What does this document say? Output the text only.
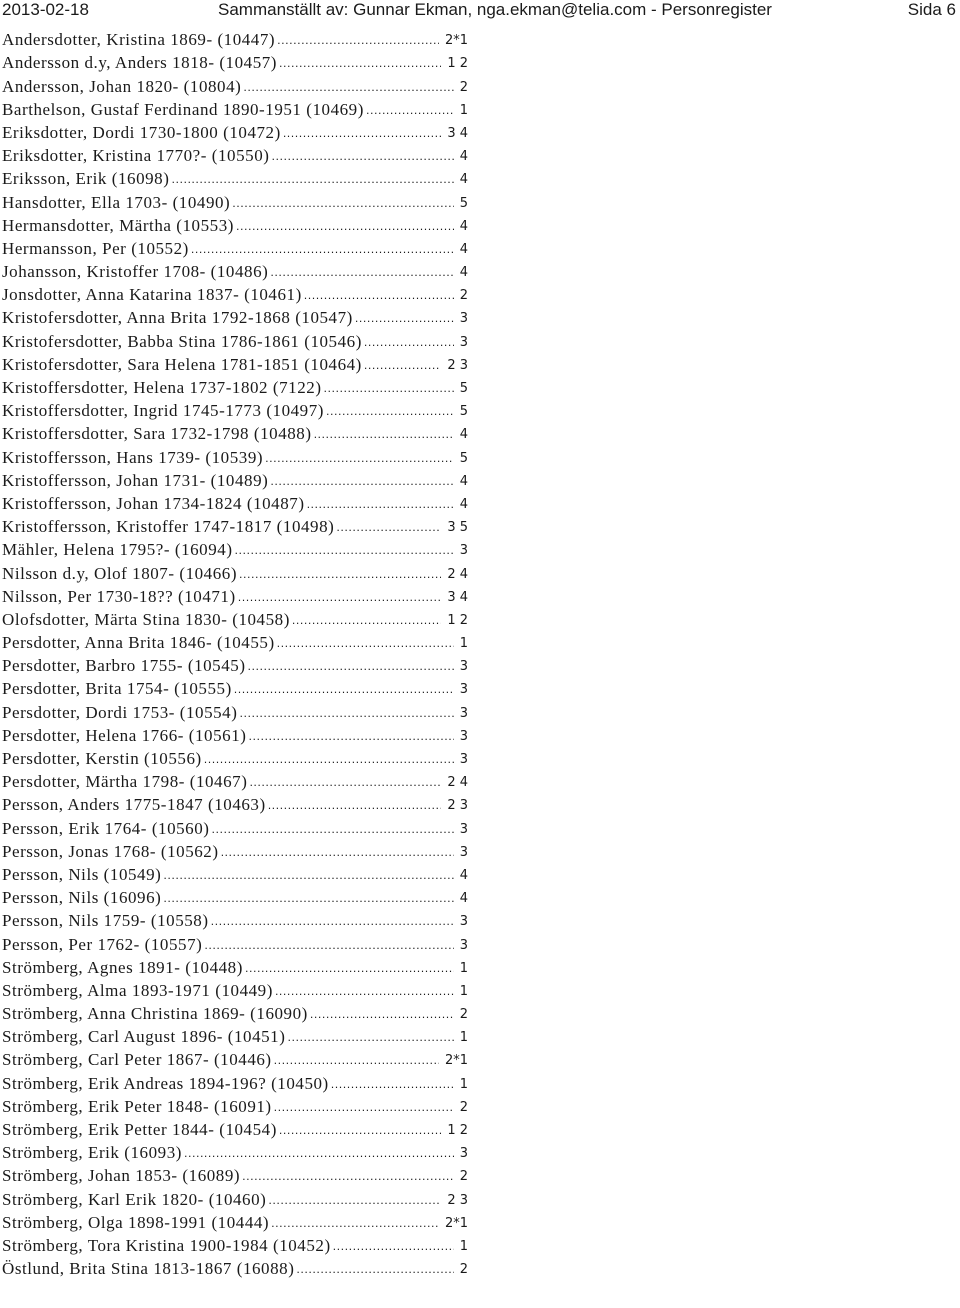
2013-02-18	Sammanställt av: Gunnar Ekman, nga.ekman@telia.com - Personregister	Sida 6
Andersdotter, Kristina 1869- (10447) .....	2*1
Andersson d.y, Anders 1818- (10457) .....	1 2
Andersson, Johan 1820- (10804) .....	2
Barthelson, Gustaf Ferdinand 1890-1951 (10469) .....	1
Eriksdotter, Dordi 1730-1800 (10472) .....	3 4
Eriksdotter, Kristina 1770?- (10550) .....	4
Eriksson, Erik (16098) .....	4
Hansdotter, Ella 1703- (10490) .....	5
Hermansdotter, Märtha (10553) .....	4
Hermansson, Per (10552) .....	4
Johansson, Kristoffer 1708- (10486) .....	4
Jonsdotter, Anna Katarina 1837- (10461) .....	2
Kristofersdotter, Anna Brita 1792-1868 (10547) .....	3
Kristofersdotter, Babba Stina 1786-1861 (10546) .....	3
Kristofersdotter, Sara Helena 1781-1851 (10464) .....	2 3
Kristoffersdotter, Helena 1737-1802 (7122) .....	5
Kristoffersdotter, Ingrid 1745-1773 (10497) .....	5
Kristoffersdotter, Sara 1732-1798 (10488) .....	4
Kristoffersson, Hans 1739- (10539) .....	5
Kristoffersson, Johan 1731- (10489) .....	4
Kristoffersson, Johan 1734-1824 (10487) .....	4
Kristoffersson, Kristoffer 1747-1817 (10498) .....	3 5
Mähler, Helena 1795?- (16094) .....	3
Nilsson d.y, Olof 1807- (10466) .....	2 4
Nilsson, Per 1730-18?? (10471) .....	3 4
Olofsdotter, Märta Stina 1830- (10458) .....	1 2
Persdotter, Anna Brita 1846- (10455) .....	1
Persdotter, Barbro 1755- (10545) .....	3
Persdotter, Brita 1754- (10555) .....	3
Persdotter, Dordi 1753- (10554) .....	3
Persdotter, Helena 1766- (10561) .....	3
Persdotter, Kerstin (10556) .....	3
Persdotter, Märtha 1798- (10467) .....	2 4
Persson, Anders 1775-1847 (10463) .....	2 3
Persson, Erik 1764- (10560) .....	3
Persson, Jonas 1768- (10562) .....	3
Persson, Nils (10549) .....	4
Persson, Nils (16096) .....	4
Persson, Nils 1759- (10558) .....	3
Persson, Per 1762- (10557) .....	3
Strömberg, Agnes 1891- (10448) .....	1
Strömberg, Alma 1893-1971 (10449) .....	1
Strömberg, Anna Christina 1869- (16090) .....	2
Strömberg, Carl August 1896- (10451) .....	1
Strömberg, Carl Peter 1867- (10446) .....	2*1
Strömberg, Erik Andreas 1894-196? (10450) .....	1
Strömberg, Erik Peter 1848- (16091) .....	2
Strömberg, Erik Petter 1844- (10454) .....	1 2
Strömberg, Erik (16093) .....	3
Strömberg, Johan 1853- (16089) .....	2
Strömberg, Karl Erik 1820- (10460) .....	2 3
Strömberg, Olga 1898-1991 (10444) .....	2*1
Strömberg, Tora Kristina 1900-1984 (10452) .....	1
Östlund, Brita Stina 1813-1867 (16088) .....	2
